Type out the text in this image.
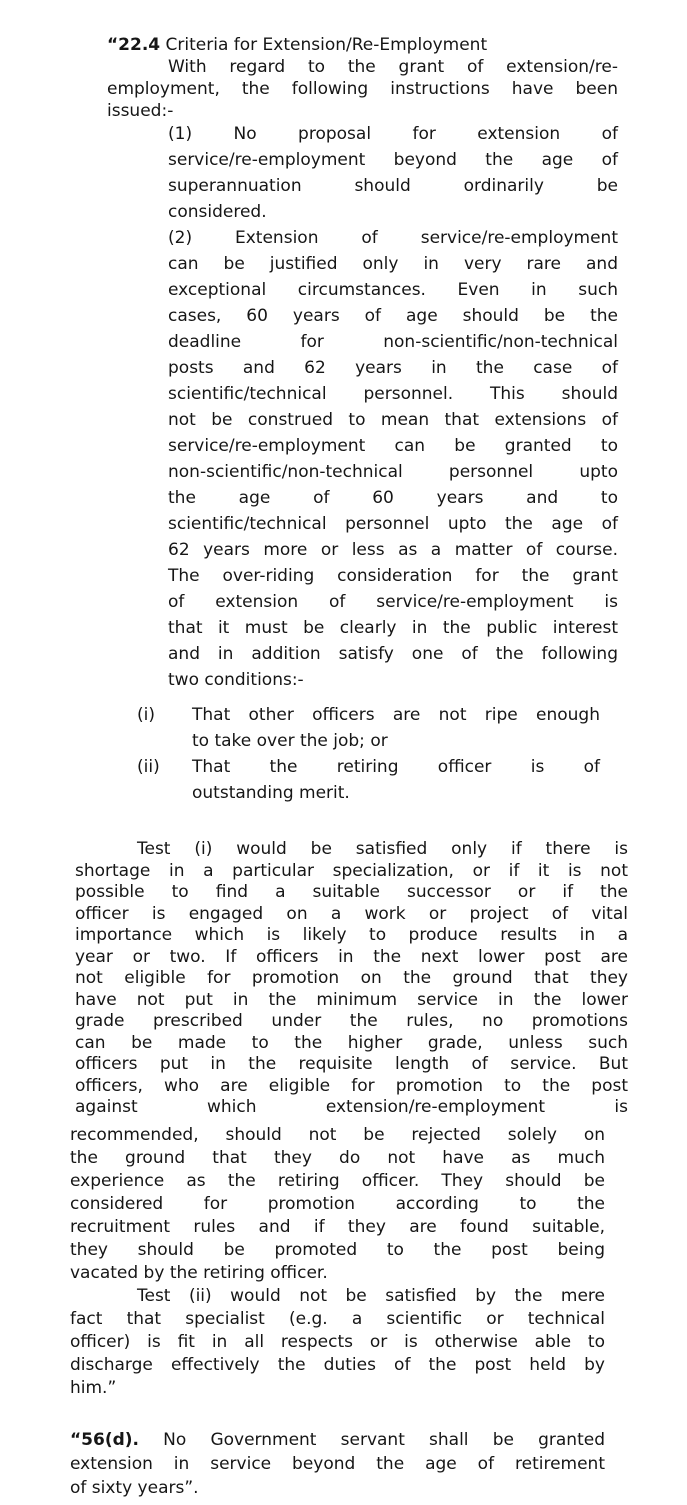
“22.4 Criteria for Extension/Re-Employment
With regard to the grant of extension/re-
employment, the following instructions have been
issued:-
(1) No proposal for extension of
service/re-employment beyond the age of
superannuation should ordinarily be
considered.
(2) Extension of service/re-employment
can be justified only in very rare and
exceptional circumstances. Even in such
cases, 60 years of age should be the
deadline for non-scientific/non-technical
posts and 62 years in the case of
scientific/technical personnel. This should
not be construed to mean that extensions of
service/re-employment can be granted to
non-scientific/non-technical personnel upto
the age of 60 years and to
scientific/technical personnel upto the age of
62 years more or less as a matter of course.
The over-riding consideration for the grant
of extension of service/re-employment is
that it must be clearly in the public interest
and in addition satisfy one of the following
two conditions:-
(i) That other officers are not ripe enough
to take over the job; or
(ii) That the retiring officer is of
outstanding merit.
Test (i) would be satisfied only if there is
shortage in a particular specialization, or if it is not
possible to find a suitable successor or if the
officer is engaged on a work or project of vital
importance which is likely to produce results in a
year or two. If officers in the next lower post are
not eligible for promotion on the ground that they
have not put in the minimum service in the lower
grade prescribed under the rules, no promotions
can be made to the higher grade, unless such
officers put in the requisite length of service. But
officers, who are eligible for promotion to the post
against which extension/re-employment is
recommended, should not be rejected solely on
the ground that they do not have as much
experience as the retiring officer. They should be
considered for promotion according to the
recruitment rules and if they are found suitable,
they should be promoted to the post being
vacated by the retiring officer.
Test (ii) would not be satisfied by the mere
fact that specialist (e.g. a scientific or technical
officer) is fit in all respects or is otherwise able to
discharge effectively the duties of the post held by
him.”
“56(d). No Government servant shall be granted
extension in service beyond the age of retirement
of sixty years”.
